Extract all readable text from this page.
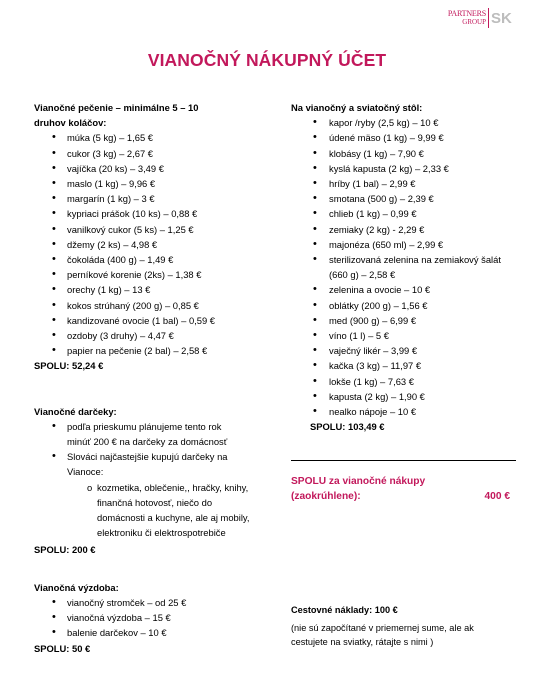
PARTNERS
GROUP SK
VIANOČNÝ NÁKUPNÝ ÚČET
Vianočné pečenie – minimálne 5 – 10
druhov koláčov:
• múka (5 kg) – 1,65 €
• cukor (3 kg) – 2,67 €
• vajíčka (20 ks) – 3,49 €
• maslo (1 kg) – 9,96 €
• margarín (1 kg) – 3 €
• kypriaci prášok (10 ks) – 0,88 €
• vanilkový cukor (5 ks) – 1,25 €
• džemy (2 ks) – 4,98 €
• čokoláda (400 g) – 1,49 €
• perníkové korenie (2ks) – 1,38 €
• orechy (1 kg) – 13 €
• kokos strúhaný (200 g) – 0,85 €
• kandizované ovocie (1 bal) – 0,59 €
• ozdoby (3 druhy) – 4,47 €
• papier na pečenie (2 bal) – 2,58 €
SPOLU: 52,24 €
Vianočné darčeky:
• podľa prieskumu plánujeme tento rok minúť 200 € na darčeky za domácnosť
• Slováci najčastejšie kupujú darčeky na Vianoce:
o kozmetika, oblečenie,, hračky, knihy, finančná hotovosť, niečo do domácnosti a kuchyne, ale aj mobily, elektroniku či elektrospotrebiče
SPOLU: 200 €
Vianočná výzdoba:
• vianočný stromček – od 25 €
• vianočná výzdoba – 15 €
• balenie darčekov – 10 €
SPOLU: 50 €
Na vianočný a sviatočný stôl:
• kapor /ryby (2,5 kg) – 10 €
• údené mäso (1 kg) – 9,99 €
• klobásy (1 kg) – 7,90 €
• kyslá kapusta (2 kg) – 2,33 €
• hríby (1 bal) – 2,99 €
• smotana (500 g) – 2,39 €
• chlieb (1 kg) – 0,99 €
• zemiaky (2 kg) - 2,29 €
• majonéza (650 ml) – 2,99 €
• sterilizovaná zelenina na zemiakový šalát (660 g) – 2,58 €
• zelenina a ovocie – 10 €
• oblátky (200 g) – 1,56 €
• med (900 g) – 6,99 €
• víno (1 l) – 5 €
• vaječný likér – 3,99 €
• kačka (3 kg) – 11,97 €
• lokše (1 kg) – 7,63 €
• kapusta (2 kg) – 1,90 €
• nealko nápoje – 10 €
SPOLU: 103,49 €
SPOLU za vianočné nákupy
(zaokrúhlene):	400 €
Cestovné náklady: 100 €
(nie sú započítané v priemernej sume, ale ak cestujete na sviatky, rátajte s nimi )
